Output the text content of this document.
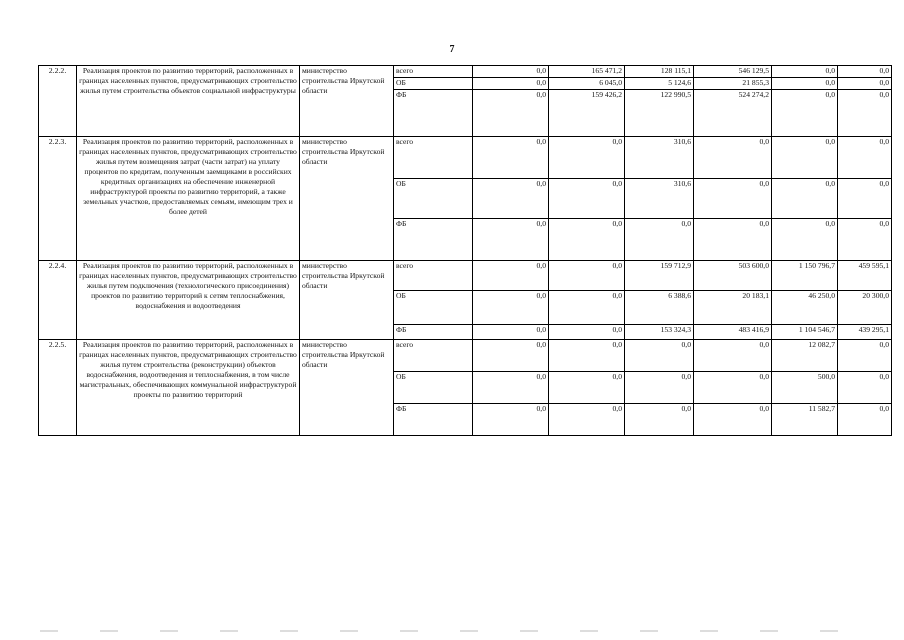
7
2.2.2.	Реализация проектов по развитию территорий, расположенных в границах населенных пунктов, предусматривающих строительство жилья путем строительства объектов социальной инфраструктуры	министерство строительства Иркутской области	всего	0,0	165 471,2	128 115,1	546 129,5	0,0	0,0
			ОБ	0,0	6 045,0	5 124,6	21 855,3	0,0	0,0
			ФБ	0,0	159 426,2	122 990,5	524 274,2	0,0	0,0
2.2.3.	Реализация проектов по развитию территорий, расположенных в границах населенных пунктов, предусматривающих строительство жилья путем возмещения затрат (части затрат) на уплату процентов по кредитам, полученным заемщиками в российских кредитных организациях на обеспечение инженерной инфраструктурой проекты по развитию территорий, а также земельных участков, предоставляемых семьям, имеющим трех и более детей	министерство строительства Иркутской области	всего	0,0	0,0	310,6	0,0	0,0	0,0
			ОБ	0,0	0,0	310,6	0,0	0,0	0,0
			ФБ	0,0	0,0	0,0	0,0	0,0	0,0
2.2.4.	Реализация проектов по развитию территорий, расположенных в границах населенных пунктов, предусматривающих строительство жилья путем подключения (технологического присоединения) проектов по развитию территорий к сетям теплоснабжения, водоснабжения и водоотведения	министерство строительства Иркутской области	всего	0,0	0,0	159 712,9	503 600,0	1 150 796,7	459 595,1
			ОБ	0,0	0,0	6 388,6	20 183,1	46 250,0	20 300,0
			ФБ	0,0	0,0	153 324,3	483 416,9	1 104 546,7	439 295,1
2.2.5.	Реализация проектов по развитию территорий, расположенных в границах населенных пунктов, предусматривающих строительство жилья путем строительства (реконструкции) объектов водоснабжения, водоотведения и теплоснабжения, в том числе магистральных, обеспечивающих коммунальной инфраструктурой проекты по развитию территорий	министерство строительства Иркутской области	всего	0,0	0,0	0,0	0,0	12 082,7	0,0
			ОБ	0,0	0,0	0,0	0,0	500,0	0,0
			ФБ	0,0	0,0	0,0	0,0	11 582,7	0,0
